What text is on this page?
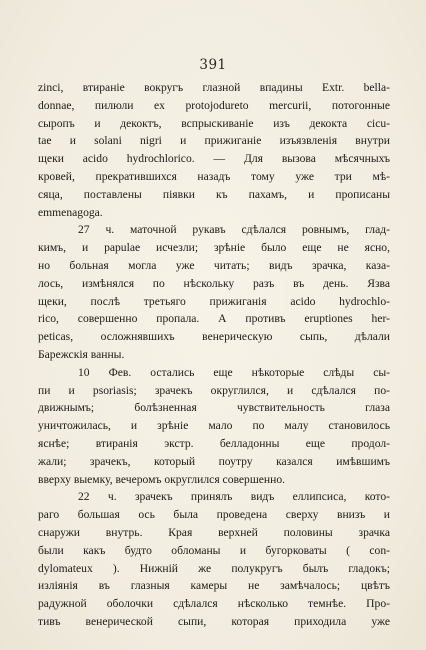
391
zinci, втиранiе вокругъ глазной впадины Extr. bella-
donnae, пилюли ex protojodureto mercurii, потогонные
сыропъ и декоктъ, вспрыскиванiе изъ декокта cicu-
tae и solani nigri и прижиганiе изъязвленiя внутри
щеки acido hydrochlorico. — Для вызова мѣсячныхъ
кровей, прекратившихся назадъ тому уже три мѣ-
сяца, поставлены пiявки къ пахамъ, и прописаны
emmenagoga.
27 ч. маточной рукавъ сдѣлался ровнымъ, глад-
кимъ, и papulae исчезли; зрѣнiе было еще не ясно,
но больная могла уже читать; видъ зрачка, каза-
лось, измѣнялся по нѣскольку разъ въ день. Язва
щеки, послѣ третьяго прижиганiя acido hydrochlo-
rico, совершенно пропала. А противъ eruptiones her-
peticas, осложнявшихъ венерическую сыпь, дѣлали
Барежскiя ванны.
10 Фев. остались еще нѣкоторые слѣды сы-
пи и psoriasis; зрачекъ округлился, и сдѣлался по-
движнымъ; болѣзненная чувствительность глаза
уничтожилась, и зрѣнiе мало по малу становилось
яснѣе; втиранiя экстр. белладонны еще продол-
жали; зрачекъ, который поутру казался имѣвшимъ
вверху выемку, вечеромъ округлился совершенно.
22 ч. зрачекъ принялъ видъ еллипсиса, кото-
раго большая ось была проведена сверху внизъ и
снаружи внутрь. Края верхней половины зрачка
были какъ будто обломаны и бугорковаты ( con-
dylomateux ). Нижнiй же полукругъ былъ гладокъ;
излiянiя въ глазныя камеры не замѣчалось; цвѣтъ
радужной оболочки сдѣлался нѣсколько темнѣе. Про-
тивъ венерической сыпи, которая приходила уже
